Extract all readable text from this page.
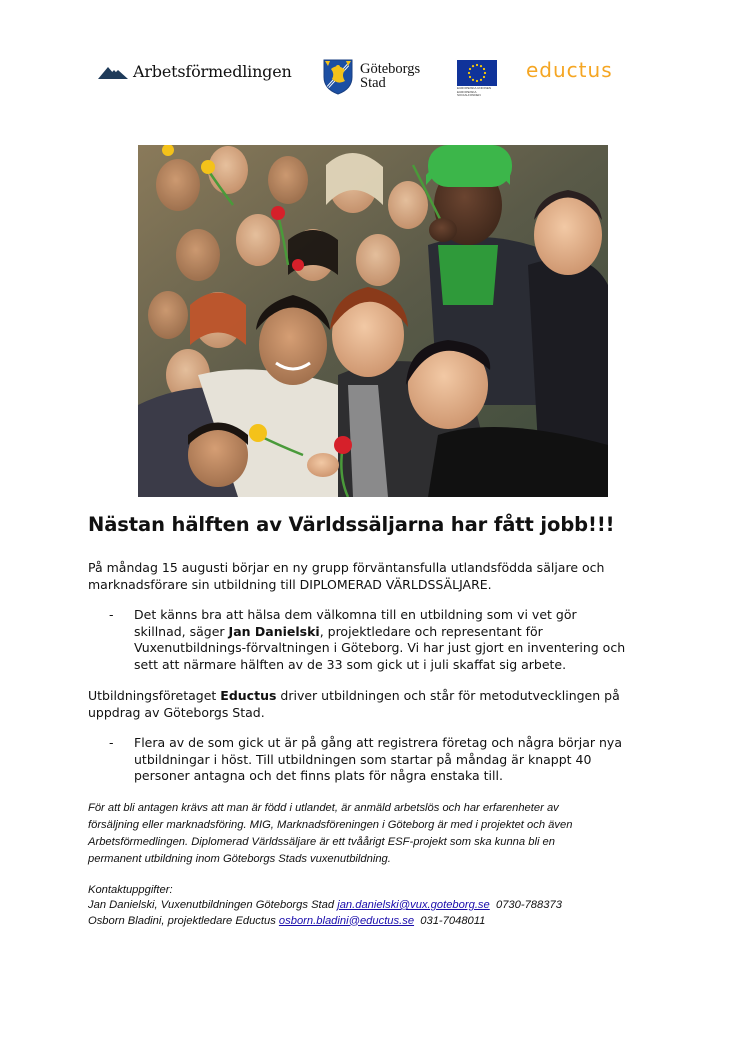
Arbetsförmedlingen	Göteborgs
Stad	EUROPEISKA UNIONEN EUROPEISKA SOCIALFONDEN
eductus
Nästan hälften av Världssäljarna har fått jobb!!!

På måndag 15 augusti börjar en ny grupp förväntansfulla utlandsfödda säljare och marknadsförare sin utbildning till DIPLOMERAD VÄRLDSSÄLJARE.

- Det känns bra att hälsa dem välkomna till en utbildning som vi vet gör skillnad, säger Jan Danielski, projektledare och representant för Vuxenutbildnings-förvaltningen i Göteborg. Vi har just gjort en inventering och sett att närmare hälften av de 33 som gick ut i juli skaffat sig arbete.

Utbildningsföretaget Eductus driver utbildningen och står för metodutvecklingen på uppdrag av Göteborgs Stad.

- Flera av de som gick ut är på gång att registrera företag och några börjar nya utbildningar i höst. Till utbildningen som startar på måndag är knappt 40 personer antagna och det finns plats för några enstaka till.

För att bli antagen krävs att man är född i utlandet, är anmäld arbetslös och har erfarenheter av försäljning eller marknadsföring. MIG, Marknadsföreningen i Göteborg är med i projektet och även Arbetsförmedlingen. Diplomerad Världssäljare är ett tvåårigt ESF-projekt som ska kunna bli en permanent utbildning inom Göteborgs Stads vuxenutbildning.

Kontaktuppgifter:
Jan Danielski, Vuxenutbildningen Göteborgs Stad jan.danielski@vux.goteborg.se  0730-788373
Osborn Bladini, projektledare Eductus osborn.bladini@eductus.se  031-7048011
